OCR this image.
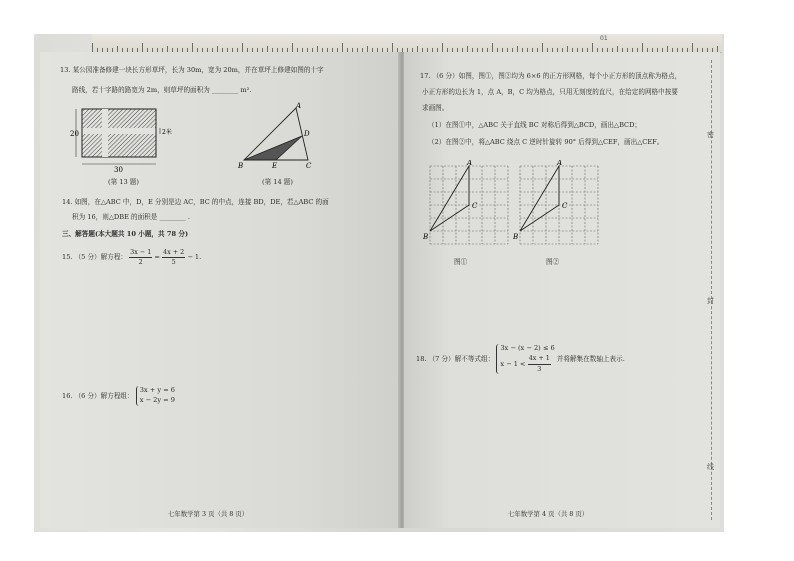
01
13. 某公园准备修建一块长方形草坪，长为 30m，宽为 20m，并在草坪上修建如图的十字
路线，若十字路的路宽为 2m，则草坪的面积为 ________ m².
20
30
2米
(第 13 题)
A
B	C
D
E
(第 14 题)
14. 如图，在△ABC 中，D，E 分别是边 AC，BC 的中点，连接 BD，DE，若△ABC 的面
积为 16，则△DBE 的面积是 ________ .
三、解答题(本大题共 10 小题，共 78 分)
15. （5 分）解方程： $\frac{3x - 1}{2} = \frac{4x + 2}{5} - 1$.
16. （6 分）解方程组：
3x + y = 6
x − 2y = 9
七年数学第 3 页（共 8 页）
17. （6 分）如图，图①，图②均为 6×6 的正方形网格，每个小正方形的顶点称为格点，
小正方形的边长为 1，点 A，B，C 均为格点，只用无刻度的直尺，在给定的网格中按要
求画图。
（1）在图①中，△ABC 关于直线 BC 对称后得到△BCD，画出△BCD；
（2）在图②中，将△ABC 绕点 C 逆时针旋转 90° 后得到△CEF，画出△CEF。
A
B
C
A
B
C
图①	图②
18. （7 分）解不等式组：
3x − (x − 2) ≤ 6
$x - 1 < \frac{4x + 1}{3}$ 并将解集在数轴上表示.
密
封
线
七年数学第 4 页（共 8 页）
